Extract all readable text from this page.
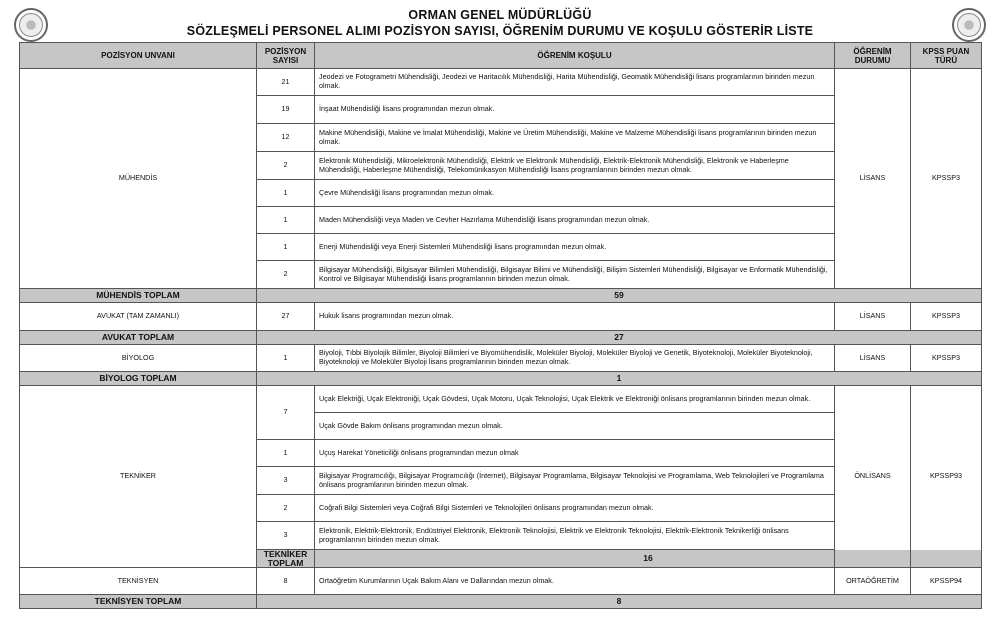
ORMAN GENEL MÜDÜRLÜĞÜ
SÖZLEŞMELİ PERSONEL ALIMI POZİSYON SAYISI, ÖĞRENİM DURUMU VE KOŞULU GÖSTERİR LİSTE
POZİSYON UNVANI	POZİSYON SAYISI	ÖĞRENİM KOŞULU	ÖĞRENİM DURUMU	KPSS PUAN TÜRÜ
MÜHENDİS	21	Jeodezi ve Fotogrametri Mühendisliği, Jeodezi ve Haritacılık Mühendisliği, Harita Mühendisliği, Geomatik Mühendisliği lisans programlarının birinden mezun olmak.	LİSANS	KPSSP3
	19	İnşaat Mühendisliği lisans programından mezun olmak.		
	12	Makine Mühendisliği, Makine ve İmalat Mühendisliği, Makine ve Üretim Mühendisliği, Makine ve Malzeme Mühendisliği lisans programlarının birinden mezun olmak.		
	2	Elektronik Mühendisliği, Mikroelektronik Mühendisliği, Elektrik ve Elektronik Mühendisliği, Elektrik-Elektronik Mühendisliği, Elektronik ve Haberleşme Mühendisliği, Haberleşme Mühendisliği, Telekomünikasyon Mühendisliği lisans programlarının birinden mezun olmak.		
	1	Çevre Mühendisliği lisans programından mezun olmak.		
	1	Maden Mühendisliği veya Maden ve Cevher Hazırlama Mühendisliği lisans programından mezun olmak.		
	1	Enerji Mühendisliği veya Enerji Sistemleri Mühendisliği lisans programından mezun olmak.		
	2	Bilgisayar Mühendisliği, Bilgisayar Bilimleri Mühendisliği, Bilgisayar Bilimi ve Mühendisliği, Bilişim Sistemleri Mühendisliği, Bilgisayar ve Enformatik Mühendisliği, Kontrol ve Bilgisayar Mühendisliği lisans programlarının birinden mezun olmak.		
MÜHENDİS TOPLAM	59			
AVUKAT (TAM ZAMANLI)	27	Hukuk lisans programından mezun olmak.	LİSANS	KPSSP3
AVUKAT TOPLAM	27			
BİYOLOG	1	Biyoloji, Tıbbi Biyolojik Bilimler, Biyoloji Bilimleri ve Biyomühendislik, Moleküler Biyoloji, Moleküler Biyoloji ve Genetik, Biyoteknoloji, Moleküler Biyoteknoloji, Biyoteknoloji ve Moleküler Biyoloji lisans programlarının birinden mezun olmak.	LİSANS	KPSSP3
BİYOLOG TOPLAM	1			
TEKNİKER	7	Uçak Elektriği, Uçak Elektroniği, Uçak Gövdesi, Uçak Motoru, Uçak Teknolojisi, Uçak Elektrik ve Elektroniği önlisans programlarının birinden mezun olmak.	ÖNLİSANS	KPSSP93
		Uçak Gövde Bakım önlisans programından mezun olmak.		
	1	Uçuş Harekat Yöneticiliği önlisans programından mezun olmak		
	3	Bilgisayar Programcılığı, Bilgisayar Programcılığı (İnternet), Bilgisayar Programlama, Bilgisayar Teknolojisi ve Programlama, Web Teknolojileri ve Programlama önlisans programlarının birinden mezun olmak.		
	2	Coğrafi Bilgi Sistemleri veya Coğrafi Bilgi Sistemleri ve Teknolojileri önlisans programından mezun olmak.		
	3	Elektronik, Elektrik-Elektronik, Endüstriyel Elektronik, Elektronik Teknolojisi, Elektrik ve Elektronik Teknolojisi, Elektrik-Elektronik Teknikerliği önlisans programlarının birinden mezun olmak.		
	TEKNİKER TOPLAM	16		
TEKNİSYEN	8	Ortaöğretim Kurumlarının Uçak Bakım Alanı ve Dallarından mezun olmak.	ORTAÖĞRETİM	KPSSP94
TEKNİSYEN TOPLAM	8			
